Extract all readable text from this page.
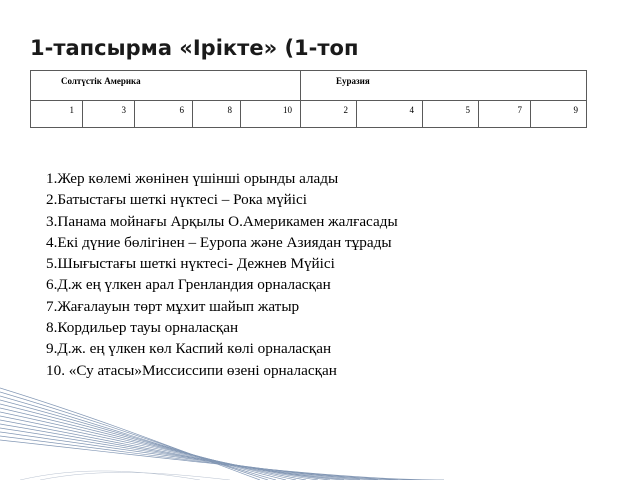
1-тапсырма «Ірікте» (1-топ
Солтүстік Америка					Еуразия				
1	3	6	8	10	2	4	5	7	9
1.Жер көлемі жөнінен үшінші орынды алады
2.Батыстағы шеткі нүктесі – Рока мүйісі
3.Панама мойнағы Арқылы О.Америкамен жалғасады
4.Екі дүние бөлігінен – Еуропа және Азиядан тұрады
5.Шығыстағы шеткі нүктесі- Дежнев Мүйісі
6.Д.ж ең үлкен арал Гренландия орналасқан
7.Жағалауын төрт мұхит шайып жатыр
8.Кордильер тауы орналасқан
9.Д.ж. ең үлкен көл Каспий көлі орналасқан
10. «Су атасы»Миссиссипи өзені орналасқан
